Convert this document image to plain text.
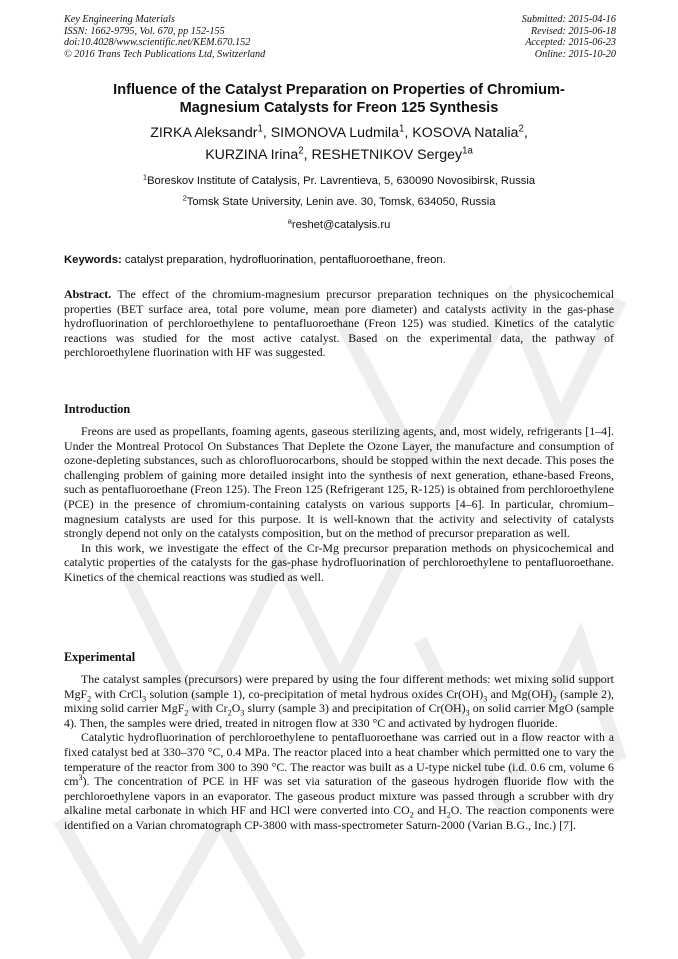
Key Engineering Materials
ISSN: 1662-9795, Vol. 670, pp 152-155
doi:10.4028/www.scientific.net/KEM.670.152
© 2016 Trans Tech Publications Ltd, Switzerland
Submitted: 2015-04-16
Revised: 2015-06-18
Accepted: 2015-06-23
Online: 2015-10-20
Influence of the Catalyst Preparation on Properties of Chromium-
Magnesium Catalysts for Freon 125 Synthesis
ZIRKA Aleksandr$^1$, SIMONOVA Ludmila$^1$, KOSOVA Natalia$^2$,
KURZINA Irina$^2$, RESHETNIKOV Sergey$^{1a}$
$^1$Boreskov Institute of Catalysis, Pr. Lavrentieva, 5, 630090 Novosibirsk, Russia
$^2$Tomsk State University, Lenin ave. 30, Tomsk, 634050, Russia
$^a$reshet@catalysis.ru
Keywords: catalyst preparation, hydrofluorination, pentafluoroethane, freon.

Abstract. The effect of the chromium-magnesium precursor preparation techniques on the physicochemical properties (BET surface area, total pore volume, mean pore diameter) and catalysts activity in the gas-phase hydrofluorination of perchloroethylene to pentafluoroethane (Freon 125) was studied. Kinetics of the catalytic reactions was studied for the most active catalyst. Based on the experimental data, the pathway of perchloroethylene fluorination with HF was suggested.

Introduction

Freons are used as propellants, foaming agents, gaseous sterilizing agents, and, most widely, refrigerants [1–4]. Under the Montreal Protocol On Substances That Deplete the Ozone Layer, the manufacture and consumption of ozone-depleting substances, such as chlorofluorocarbons, should be stopped within the next decade. This poses the challenging problem of gaining more detailed insight into the synthesis of next generation, ethane-based Freons, such as pentafluoroethane (Freon 125). The Freon 125 (Refrigerant 125, R-125) is obtained from perchloroethylene (PCE) in the presence of chromium-containing catalysts on various supports [4–6]. In particular, chromium–magnesium catalysts are used for this purpose. It is well-known that the activity and selectivity of catalysts strongly depend not only on the catalysts composition, but on the method of precursor preparation as well.

In this work, we investigate the effect of the Cr-Mg precursor preparation methods on physicochemical and catalytic properties of the catalysts for the gas-phase hydrofluorination of perchloroethylene to pentafluoroethane. Kinetics of the chemical reactions was studied as well.

Experimental

The catalyst samples (precursors) were prepared by using the four different methods: wet mixing solid support MgF$_2$ with CrCl$_3$ solution (sample 1), co-precipitation of metal hydrous oxides $Cr(OH)_3$ and $Mg(OH)_2$ (sample 2), mixing solid carrier MgF$_2$ with $Cr_2O_3$ slurry (sample 3) and precipitation of $Cr(OH)_3$ on solid carrier MgO (sample 4). Then, the samples were dried, treated in nitrogen flow at 330 °C and activated by hydrogen fluoride.

Catalytic hydrofluorination of perchloroethylene to pentafluoroethane was carried out in a flow reactor with a fixed catalyst bed at 330–370 °C, 0.4 MPa. The reactor placed into a heat chamber which permitted one to vary the temperature of the reactor from 300 to 390 °C. The reactor was built as a U-type nickel tube (i.d. 0.6 cm, volume 6 $cm^3$). The concentration of PCE in HF was set via saturation of the gaseous hydrogen fluoride flow with the perchloroethylene vapors in an evaporator. The gaseous product mixture was passed through a scrubber with dry alkaline metal carbonate in which HF and HCl were converted into $CO_2$ and $H_2O$. The reaction components were identified on a Varian chromatograph CP-3800 with mass-spectrometer Saturn-2000 (Varian B.G., Inc.) [7].
